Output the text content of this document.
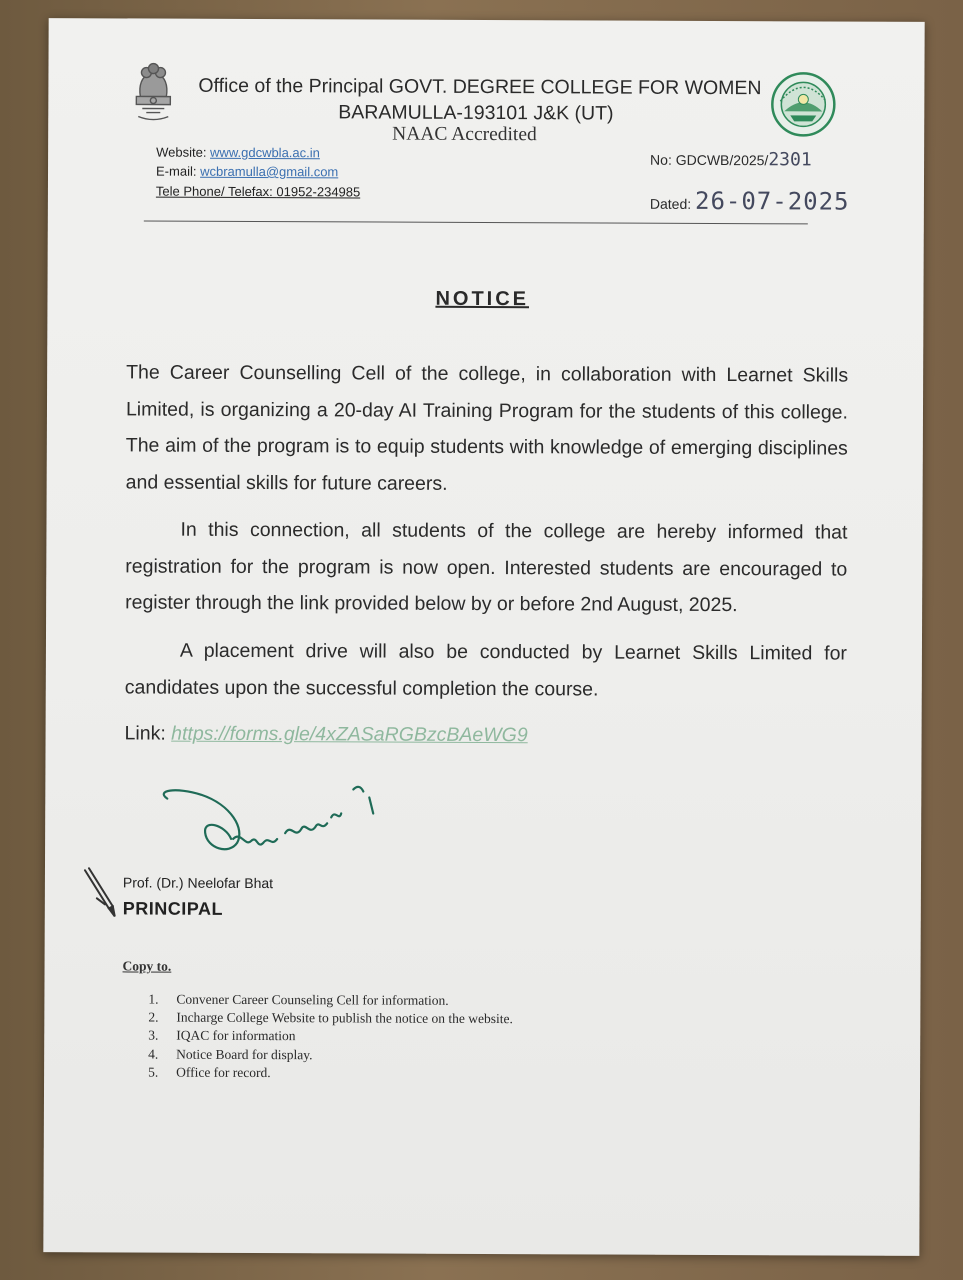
Office of the Principal GOVT. DEGREE COLLEGE FOR WOMEN
BARAMULLA-193101 J&K (UT)
NAAC Accredited
Website: www.gdcwbla.ac.in
E-mail: wcbramulla@gmail.com
Tele Phone/ Telefax: 01952-234985
No: GDCWB/2025/2301
Dated: 26-07-2025
NOTICE
The Career Counselling Cell of the college, in collaboration with Learnet Skills Limited, is organizing a 20-day AI Training Program for the students of this college. The aim of the program is to equip students with knowledge of emerging disciplines and essential skills for future careers.
In this connection, all students of the college are hereby informed that registration for the program is now open. Interested students are encouraged to register through the link provided below by or before 2nd August, 2025.
A placement drive will also be conducted by Learnet Skills Limited for candidates upon the successful completion the course.
Link: https://forms.gle/4xZASaRGBzcBAeWG9
Prof. (Dr.) Neelofar Bhat
PRINCIPAL
Copy to.
1. Convener Career Counseling Cell for information.
2. Incharge College Website to publish the notice on the website.
3. IQAC for information
4. Notice Board for display.
5. Office for record.
